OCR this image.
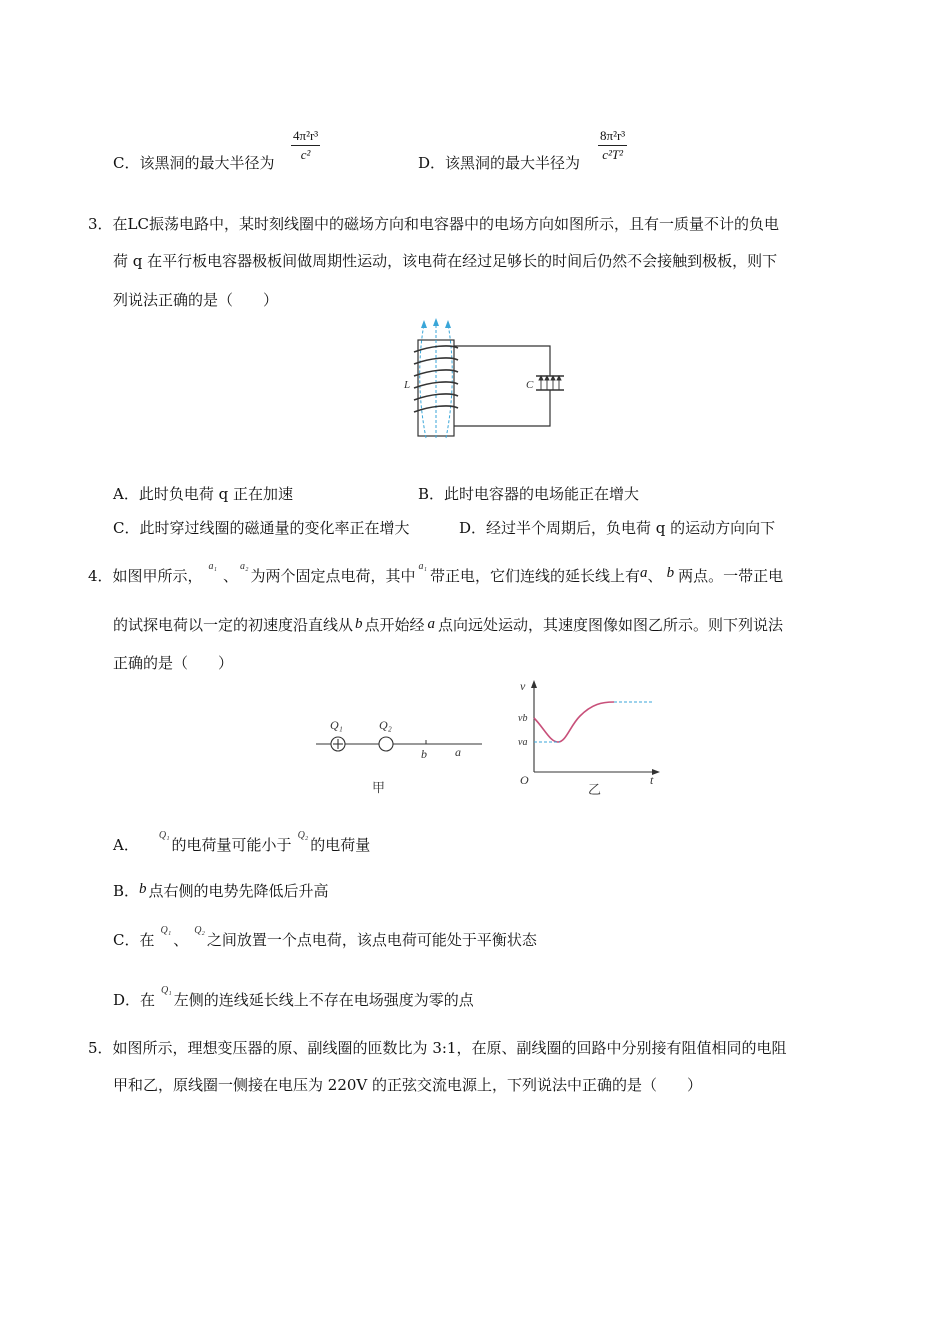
C．该黑洞的最大半径为 $\frac{\text{4π²r³}}{\text{c²}}$	D．该黑洞的最大半径为 $\frac{\text{8π²r³}}{\text{c²T²}}$
3．在LC振荡电路中，某时刻线圈中的磁场方向和电容器中的电场方向如图所示，且有一质量不计的负电
荷 q 在平行板电容器极板间做周期性运动，该电荷在经过足够长的时间后仍然不会接触到极板，则下
列说法正确的是（　　）
L	C
A．此时负电荷 q 正在加速	B．此时电容器的电场能正在增大
C．此时穿过线圈的磁通量的变化率正在增大	D．经过半个周期后，负电荷 q 的运动方向向下
4．如图甲所示，$^{a_1}$、$^{a_2}$为两个固定点电荷，其中$^{a_1}$带正电，它们连线的延长线上有a、 b 两点。一带正电
的试探电荷以一定的初速度沿直线从 b 点开始经 a 点向远处运动，其速度图像如图乙所示。则下列说法
正确的是（　　）
Q₁	Q₂
b a
甲
v
vb
va
O	t
乙
A．$^{Q_1}$的电荷量可能小于$^{Q_2}$的电荷量
B．b 点右侧的电势先降低后升高
C．在$^{Q_1}$、$^{Q_2}$之间放置一个点电荷，该点电荷可能处于平衡状态
D．在$^{Q_1}$左侧的连线延长线上不存在电场强度为零的点
5．如图所示，理想变压器的原、副线圈的匝数比为 3:1，在原、副线圈的回路中分别接有阻值相同的电阻
甲和乙，原线圈一侧接在电压为 220V 的正弦交流电源上，下列说法中正确的是（　　）
